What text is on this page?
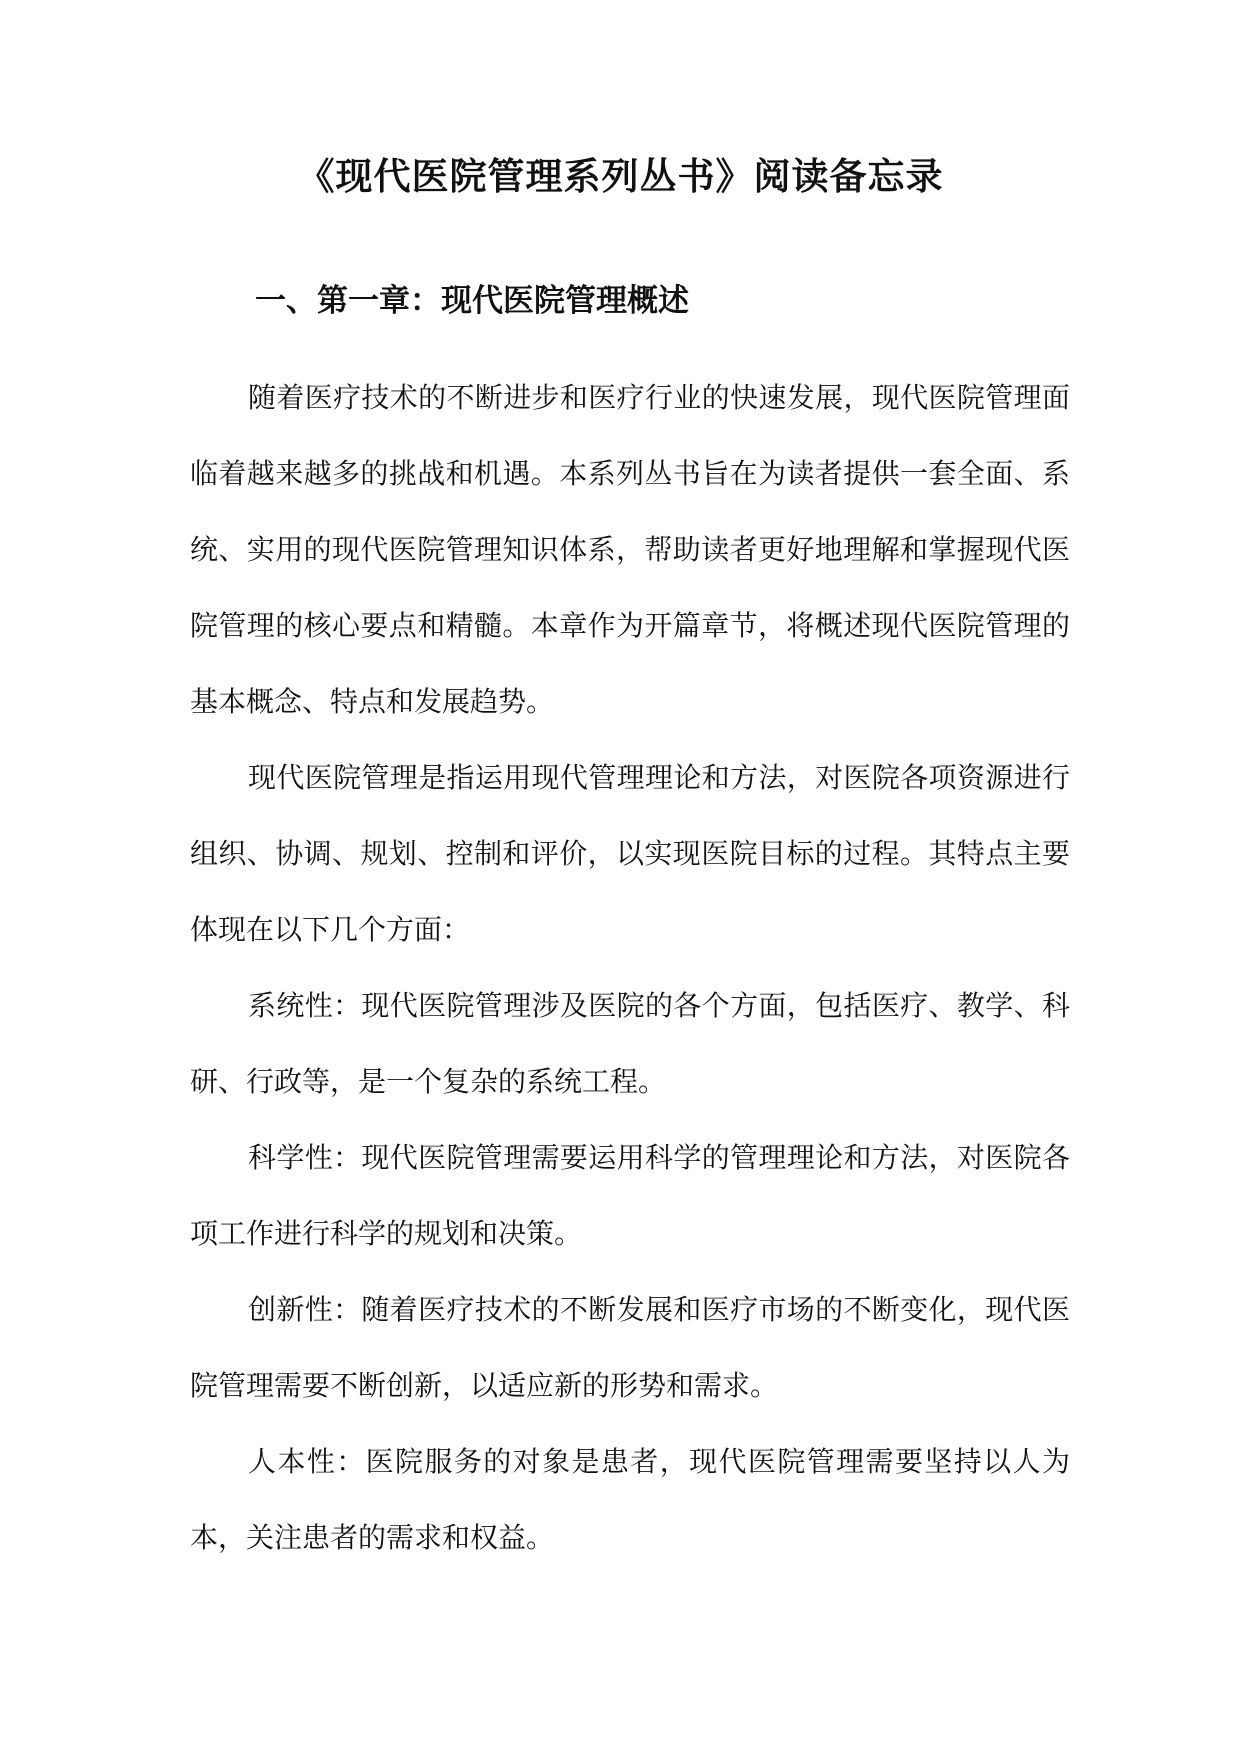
《现代医院管理系列丛书》阅读备忘录
一、第一章：现代医院管理概述

随着医疗技术的不断进步和医疗行业的快速发展，现代医院管理面临着越来越多的挑战和机遇。本系列丛书旨在为读者提供一套全面、系统、实用的现代医院管理知识体系，帮助读者更好地理解和掌握现代医院管理的核心要点和精髓。本章作为开篇章节，将概述现代医院管理的基本概念、特点和发展趋势。

现代医院管理是指运用现代管理理论和方法，对医院各项资源进行组织、协调、规划、控制和评价，以实现医院目标的过程。其特点主要体现在以下几个方面：

系统性：现代医院管理涉及医院的各个方面，包括医疗、教学、科研、行政等，是一个复杂的系统工程。

科学性：现代医院管理需要运用科学的管理理论和方法，对医院各项工作进行科学的规划和决策。

创新性：随着医疗技术的不断发展和医疗市场的不断变化，现代医院管理需要不断创新，以适应新的形势和需求。

人本性：医院服务的对象是患者，现代医院管理需要坚持以人为本，关注患者的需求和权益。
